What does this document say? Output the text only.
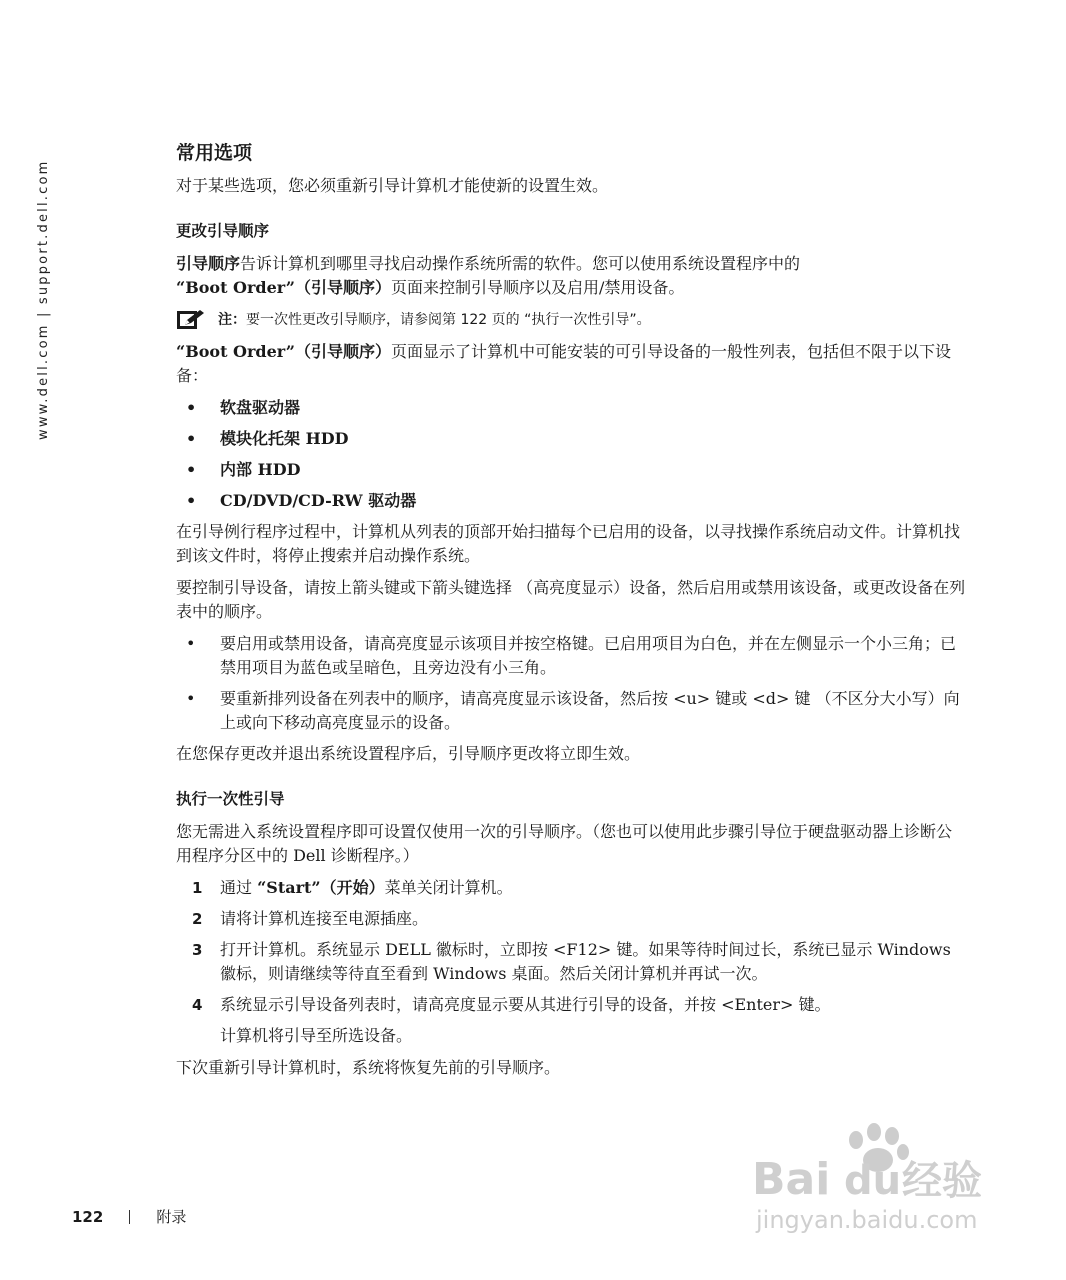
www.dell.com | support.dell.com
常用选项

对于某些选项，您必须重新引导计算机才能使新的设置生效。

更改引导顺序

引导顺序告诉计算机到哪里寻找启动操作系统所需的软件。您可以使用系统设置程序中的
“Boot Order”（引导顺序）页面来控制引导顺序以及启用/禁用设备。

注： 要一次性更改引导顺序，请参阅第 122 页的 “执行一次性引导”。

“Boot Order”（引导顺序）页面显示了计算机中可能安装的可引导设备的一般性列表，包括但不限于以下设备：

• 软盘驱动器
• 模块化托架 HDD
• 内部 HDD
• CD/DVD/CD-RW 驱动器

在引导例行程序过程中，计算机从列表的顶部开始扫描每个已启用的设备，以寻找操作系统启动文件。计算机找到该文件时，将停止搜索并启动操作系统。

要控制引导设备，请按上箭头键或下箭头键选择 （高亮度显示）设备，然后启用或禁用该设备，或更改设备在列表中的顺序。

• 要启用或禁用设备，请高亮度显示该项目并按空格键。已启用项目为白色，并在左侧显示一个小三角；已禁用项目为蓝色或呈暗色，且旁边没有小三角。
• 要重新排列设备在列表中的顺序，请高亮度显示该设备，然后按 <u> 键或 <d> 键 （不区分大小写）向上或向下移动高亮度显示的设备。

在您保存更改并退出系统设置程序后，引导顺序更改将立即生效。

执行一次性引导

您无需进入系统设置程序即可设置仅使用一次的引导顺序。（您也可以使用此步骤引导位于硬盘驱动器上诊断公用程序分区中的 Dell 诊断程序。）

1 通过 “Start”（开始）菜单关闭计算机。
2 请将计算机连接至电源插座。
3 打开计算机。系统显示 DELL 徽标时，立即按 <F12> 键。如果等待时间过长，系统已显示 Windows 徽标，则请继续等待直至看到 Windows 桌面。然后关闭计算机并再试一次。
4 系统显示引导设备列表时，请高亮度显示要从其进行引导的设备，并按 <Enter> 键。
计算机将引导至所选设备。

下次重新引导计算机时，系统将恢复先前的引导顺序。

122	附录
Bai du 经验
jingyan.baidu.com
